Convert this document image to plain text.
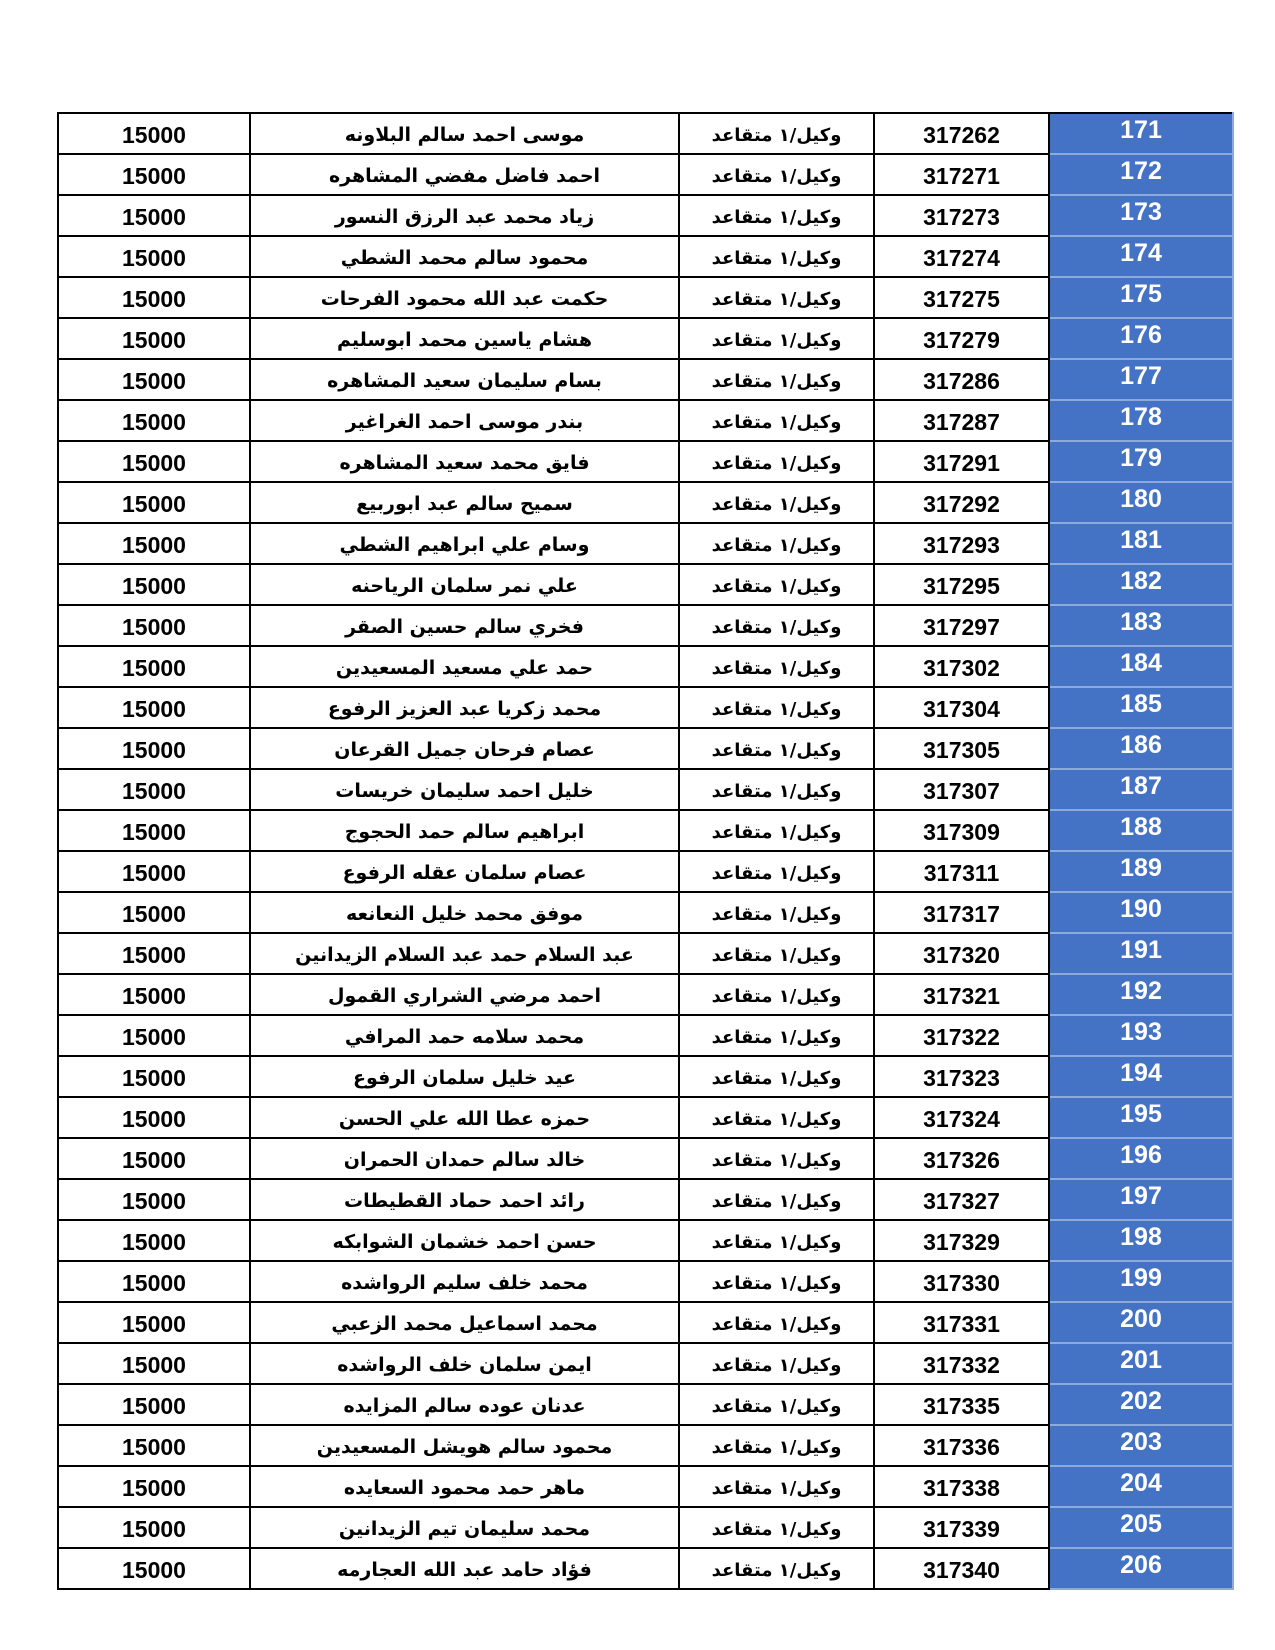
15000	موسى احمد سالم البلاونه	وكيل/١ متقاعد	317262	171
15000	احمد فاضل مفضي المشاهره	وكيل/١ متقاعد	317271	172
15000	زياد محمد عبد الرزق النسور	وكيل/١ متقاعد	317273	173
15000	محمود سالم محمد الشطي	وكيل/١ متقاعد	317274	174
15000	حكمت عبد الله محمود الفرحات	وكيل/١ متقاعد	317275	175
15000	هشام ياسين محمد ابوسليم	وكيل/١ متقاعد	317279	176
15000	بسام سليمان سعيد المشاهره	وكيل/١ متقاعد	317286	177
15000	بندر موسى احمد الغراغير	وكيل/١ متقاعد	317287	178
15000	فايق محمد سعيد المشاهره	وكيل/١ متقاعد	317291	179
15000	سميح سالم عبد ابوربيع	وكيل/١ متقاعد	317292	180
15000	وسام علي ابراهيم الشطي	وكيل/١ متقاعد	317293	181
15000	علي نمر سلمان الرياحنه	وكيل/١ متقاعد	317295	182
15000	فخري سالم حسين الصقر	وكيل/١ متقاعد	317297	183
15000	حمد علي مسعيد المسعيدين	وكيل/١ متقاعد	317302	184
15000	محمد زكريا عبد العزيز الرفوع	وكيل/١ متقاعد	317304	185
15000	عصام فرحان جميل القرعان	وكيل/١ متقاعد	317305	186
15000	خليل احمد سليمان خريسات	وكيل/١ متقاعد	317307	187
15000	ابراهيم سالم حمد الحجوج	وكيل/١ متقاعد	317309	188
15000	عصام سلمان عقله الرفوع	وكيل/١ متقاعد	317311	189
15000	موفق محمد خليل النعانعه	وكيل/١ متقاعد	317317	190
15000	عبد السلام حمد عبد السلام الزيدانين	وكيل/١ متقاعد	317320	191
15000	احمد مرضي الشراري القمول	وكيل/١ متقاعد	317321	192
15000	محمد سلامه حمد المرافي	وكيل/١ متقاعد	317322	193
15000	عيد خليل سلمان الرفوع	وكيل/١ متقاعد	317323	194
15000	حمزه عطا الله علي الحسن	وكيل/١ متقاعد	317324	195
15000	خالد سالم حمدان الحمران	وكيل/١ متقاعد	317326	196
15000	رائد احمد حماد القطيطات	وكيل/١ متقاعد	317327	197
15000	حسن احمد خشمان الشوابكه	وكيل/١ متقاعد	317329	198
15000	محمد خلف سليم الرواشده	وكيل/١ متقاعد	317330	199
15000	محمد اسماعيل محمد الزعبي	وكيل/١ متقاعد	317331	200
15000	ايمن سلمان خلف الرواشده	وكيل/١ متقاعد	317332	201
15000	عدنان عوده سالم المزايده	وكيل/١ متقاعد	317335	202
15000	محمود سالم هويشل المسعيدين	وكيل/١ متقاعد	317336	203
15000	ماهر حمد محمود السعايده	وكيل/١ متقاعد	317338	204
15000	محمد سليمان تيم الزيدانين	وكيل/١ متقاعد	317339	205
15000	فؤاد حامد عبد الله العجارمه	وكيل/١ متقاعد	317340	206
